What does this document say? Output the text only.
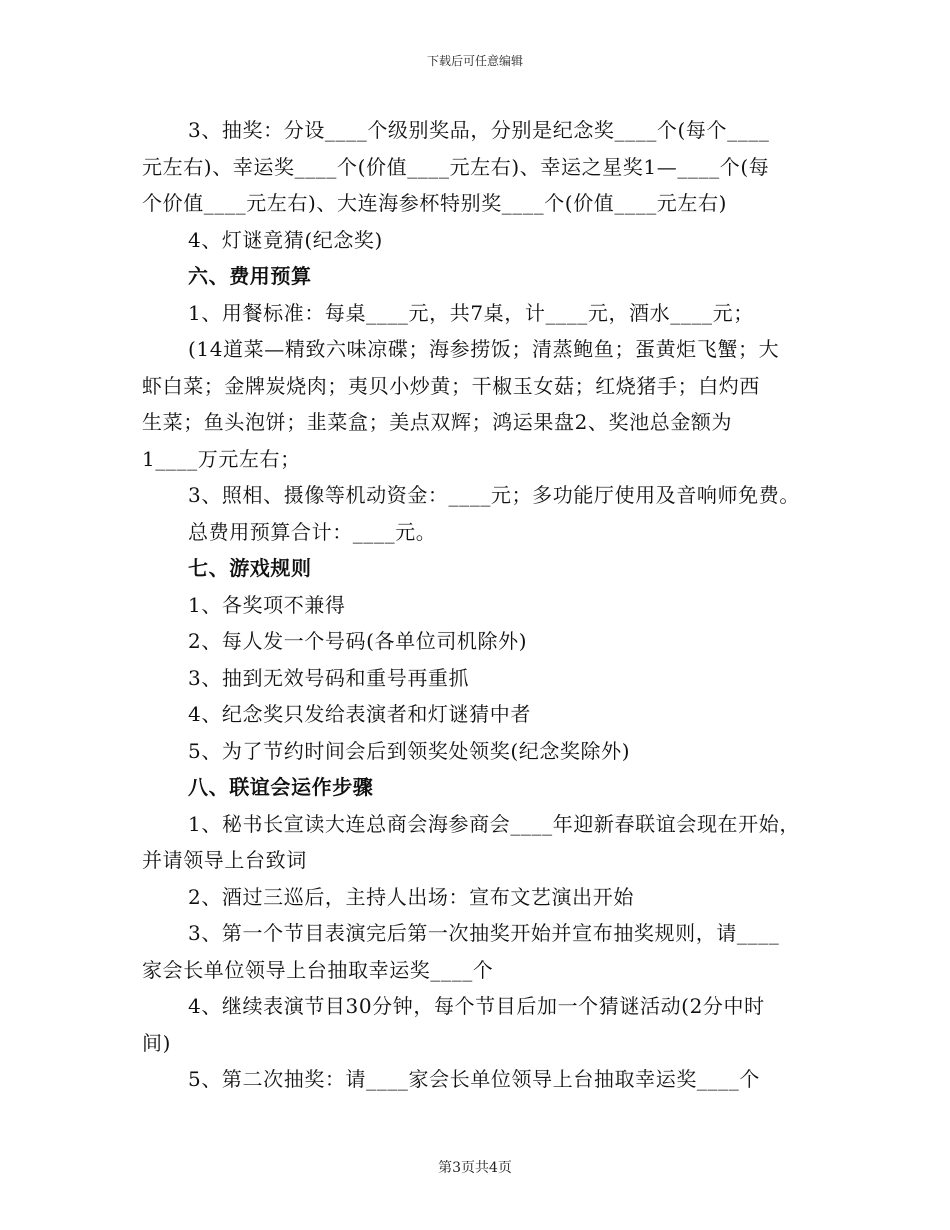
下载后可任意编辑
3、抽奖：分设____个级别奖品，分别是纪念奖____个(每个____
元左右)、幸运奖____个(价值____元左右)、幸运之星奖1—____个(每
个价值____元左右)、大连海参杯特别奖____个(价值____元左右)
4、灯谜竟猜(纪念奖)
六、费用预算
1、用餐标准：每桌____元，共7桌，计____元，酒水____元；
(14道菜—精致六味凉碟；海参捞饭；清蒸鲍鱼；蛋黄炬飞蟹；大
虾白菜；金牌炭烧肉；夷贝小炒黄；干椒玉女菇；红烧猪手；白灼西
生菜；鱼头泡饼；韭菜盒；美点双辉；鸿运果盘2、奖池总金额为
1____万元左右；
3、照相、摄像等机动资金：____元；多功能厅使用及音响师免费。
总费用预算合计：____元。
七、游戏规则
1、各奖项不兼得
2、每人发一个号码(各单位司机除外)
3、抽到无效号码和重号再重抓
4、纪念奖只发给表演者和灯谜猜中者
5、为了节约时间会后到领奖处领奖(纪念奖除外)
八、联谊会运作步骤
1、秘书长宣读大连总商会海参商会____年迎新春联谊会现在开始，
并请领导上台致词
2、酒过三巡后，主持人出场：宣布文艺演出开始
3、第一个节目表演完后第一次抽奖开始并宣布抽奖规则，请____
家会长单位领导上台抽取幸运奖____个
4、继续表演节目30分钟，每个节目后加一个猜谜活动(2分中时
间)
5、第二次抽奖：请____家会长单位领导上台抽取幸运奖____个
第3页共4页
